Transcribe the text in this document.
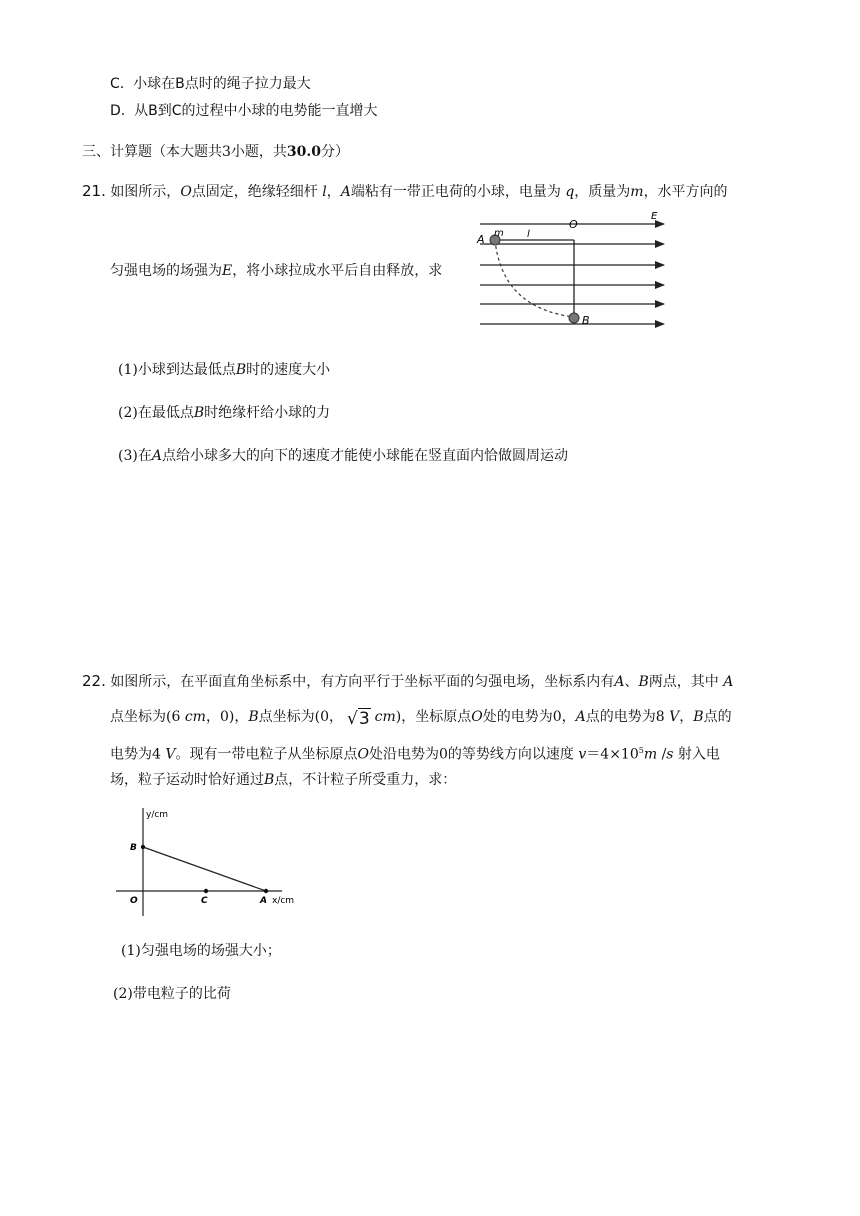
C. 小球在B点时的绳子拉力最大
D. 从B到C的过程中小球的电势能一直增大
三、计算题（本大题共3小题，共30.0分）
21. 如图所示，O点固定，绝缘轻细杆 l，A端粘有一带正电荷的小球，电量为 q，质量为m，水平方向的
匀强电场的场强为E，将小球拉成水平后自由释放，求
E
O
A m l
B
(1)小球到达最低点B时的速度大小
(2)在最低点B时绝缘杆给小球的力
(3)在A点给小球多大的向下的速度才能使小球能在竖直面内恰做圆周运动
22. 如图所示，在平面直角坐标系中，有方向平行于坐标平面的匀强电场，坐标系内有A、B两点，其中 A
点坐标为(6 cm，0)，B点坐标为(0， √3 cm)，坐标原点O处的电势为0，A点的电势为8 V，B点的
电势为4 V。现有一带电粒子从坐标原点O处沿电势为0的等势线方向以速度 $v=4\times 10^5m$ /s 射入电
场，粒子运动时恰好通过B点，不计粒子所受重力，求：
y/cm
x/cm
B
O	C	A
(1)匀强电场的场强大小；
(2)带电粒子的比荷
